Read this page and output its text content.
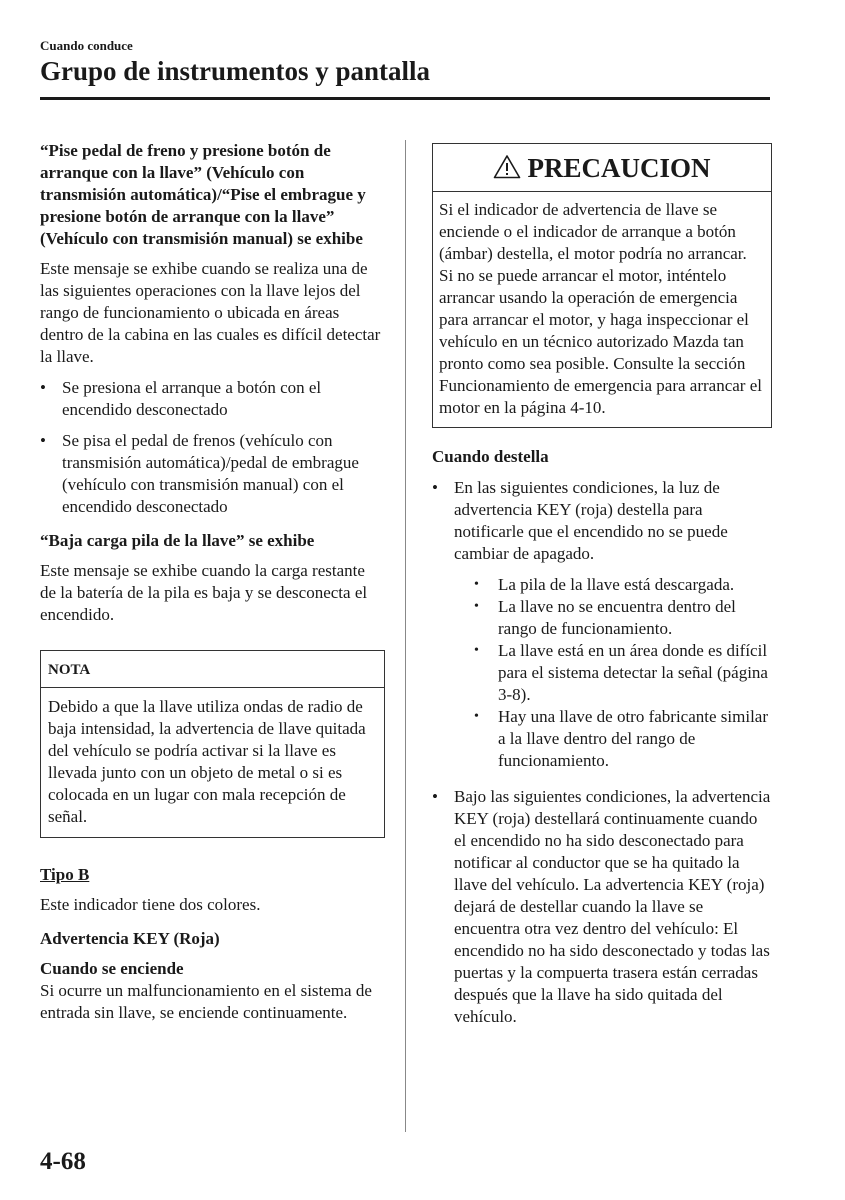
Cuando conduce
Grupo de instrumentos y pantalla
“Pise pedal de freno y presione botón de arranque con la llave” (Vehículo con transmisión automática)/“Pise el embrague y presione botón de arranque con la llave” (Vehículo con transmisión manual) se exhibe
Este mensaje se exhibe cuando se realiza una de las siguientes operaciones con la llave lejos del rango de funcionamiento o ubicada en áreas dentro de la cabina en las cuales es difícil detectar la llave.
• Se presiona el arranque a botón con el encendido desconectado
• Se pisa el pedal de frenos (vehículo con transmisión automática)/pedal de embrague (vehículo con transmisión manual) con el encendido desconectado
“Baja carga pila de la llave” se exhibe
Este mensaje se exhibe cuando la carga restante de la batería de la pila es baja y se desconecta el encendido.
NOTA
Debido a que la llave utiliza ondas de radio de baja intensidad, la advertencia de llave quitada del vehículo se podría activar si la llave es llevada junto con un objeto de metal o si es colocada en un lugar con mala recepción de señal.
Tipo B
Este indicador tiene dos colores.
Advertencia KEY (Roja)
Cuando se enciende
Si ocurre un malfuncionamiento en el sistema de entrada sin llave, se enciende continuamente.
PRECAUCION
Si el indicador de advertencia de llave se enciende o el indicador de arranque a botón (ámbar) destella, el motor podría no arrancar. Si no se puede arrancar el motor, inténtelo arrancar usando la operación de emergencia para arrancar el motor, y haga inspeccionar el vehículo en un técnico autorizado Mazda tan pronto como sea posible. Consulte la sección Funcionamiento de emergencia para arrancar el motor en la página 4-10.
Cuando destella
• En las siguientes condiciones, la luz de advertencia KEY (roja) destella para notificarle que el encendido no se puede cambiar de apagado.
• La pila de la llave está descargada.
• La llave no se encuentra dentro del rango de funcionamiento.
• La llave está en un área donde es difícil para el sistema detectar la señal (página 3-8).
• Hay una llave de otro fabricante similar a la llave dentro del rango de funcionamiento.
• Bajo las siguientes condiciones, la advertencia KEY (roja) destellará continuamente cuando el encendido no ha sido desconectado para notificar al conductor que se ha quitado la llave del vehículo. La advertencia KEY (roja) dejará de destellar cuando la llave se encuentra otra vez dentro del vehículo: El encendido no ha sido desconectado y todas las puertas y la compuerta trasera están cerradas después que la llave ha sido quitada del vehículo.
4-68
